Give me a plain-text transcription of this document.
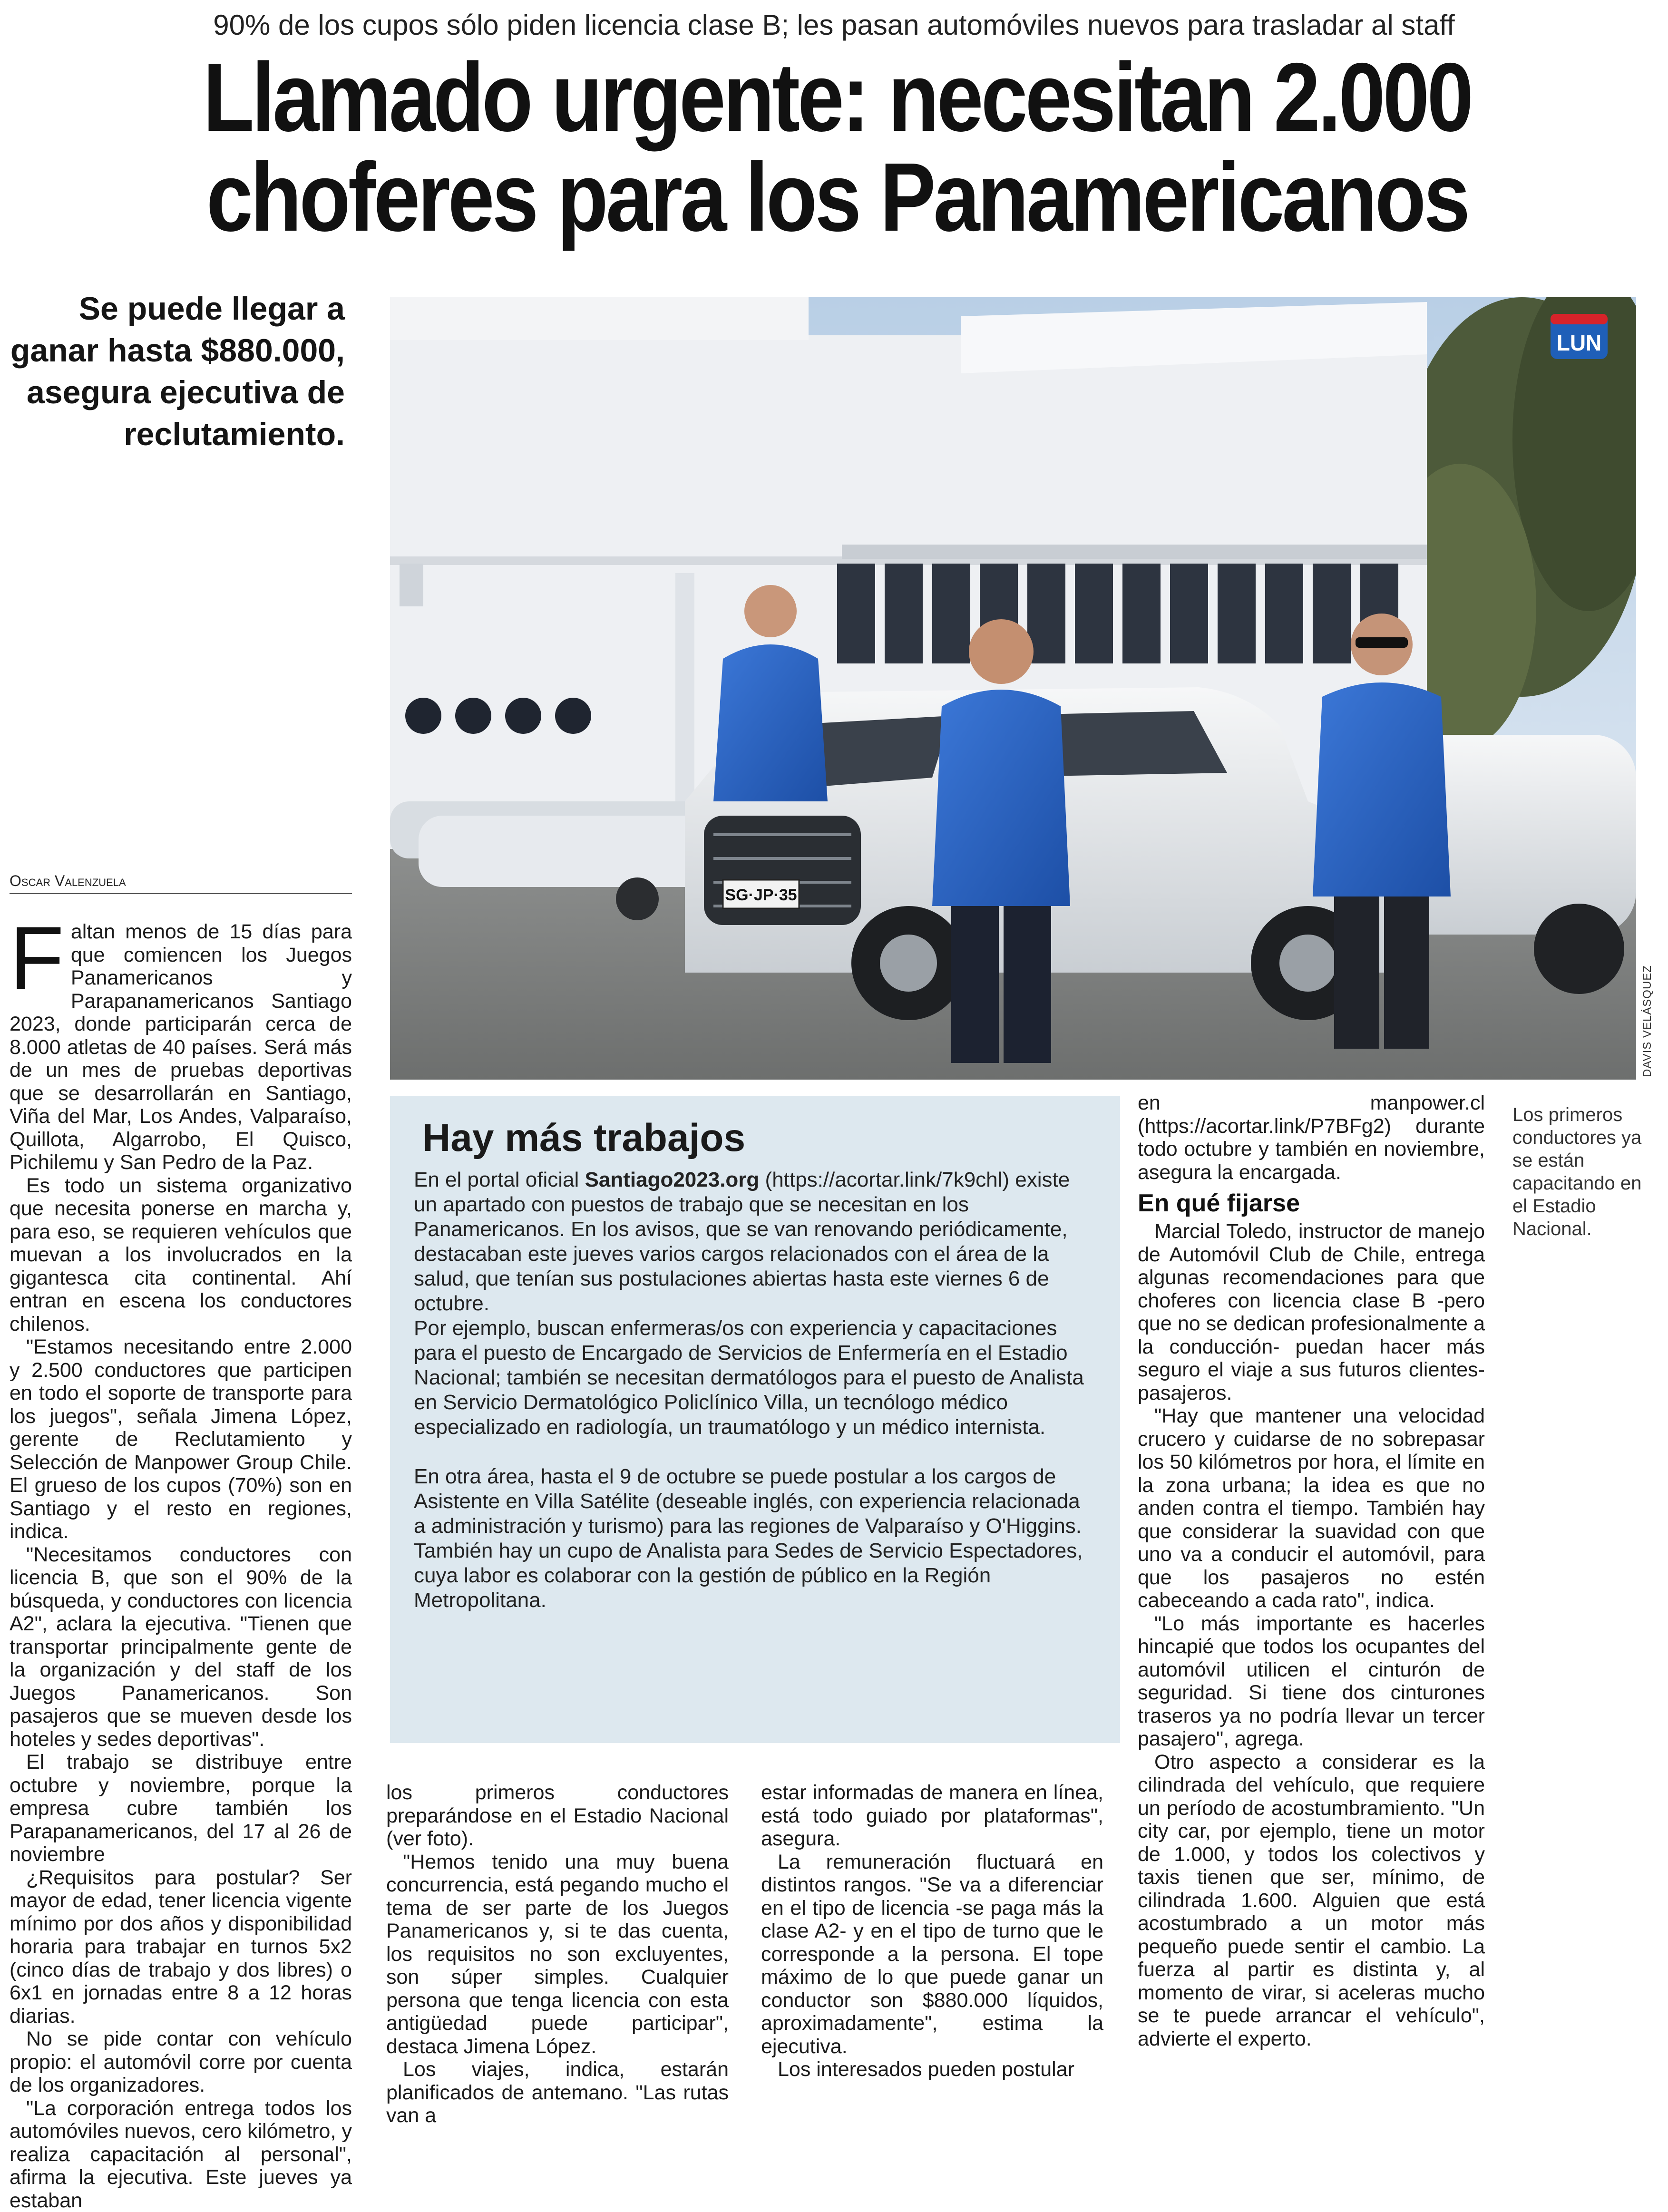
90% de los cupos sólo piden licencia clase B; les pasan automóviles nuevos para trasladar al staff
Llamado urgente: necesitan 2.000
choferes para los Panamericanos
Se puede llegar a
ganar hasta $880.000,
asegura ejecutiva de
reclutamiento.
SG·JP·35
LUN
DAVIS VELÁSQUEZ
Oscar Valenzuela

Faltan menos de 15 días para que comiencen los Juegos Panamericanos y Parapanamericanos Santiago 2023, donde participarán cerca de 8.000 atletas de 40 países. Será más de un mes de pruebas deportivas que se desarrollarán en Santiago, Viña del Mar, Los Andes, Valparaíso, Quillota, Algarrobo, El Quisco, Pichilemu y San Pedro de la Paz.

Es todo un sistema organizativo que necesita ponerse en marcha y, para eso, se requieren vehículos que muevan a los involucrados en la gigantesca cita continental. Ahí entran en escena los conductores chilenos.

"Estamos necesitando entre 2.000 y 2.500 conductores que participen en todo el soporte de transporte para los juegos", señala Jimena López, gerente de Reclutamiento y Selección de Manpower Group Chile. El grueso de los cupos (70%) son en Santiago y el resto en regiones, indica.

"Necesitamos conductores con licencia B, que son el 90% de la búsqueda, y conductores con licencia A2", aclara la ejecutiva. "Tienen que transportar principalmente gente de la organización y del staff de los Juegos Panamericanos. Son pasajeros que se mueven desde los hoteles y sedes deportivas".

El trabajo se distribuye entre octubre y noviembre, porque la empresa cubre también los Parapanamericanos, del 17 al 26 de noviembre

¿Requisitos para postular? Ser mayor de edad, tener licencia vigente mínimo por dos años y disponibilidad horaria para trabajar en turnos 5x2 (cinco días de trabajo y dos libres) o 6x1 en jornadas entre 8 a 12 horas diarias.

No se pide contar con vehículo propio: el automóvil corre por cuenta de los organizadores.

"La corporación entrega todos los automóviles nuevos, cero kilómetro, y realiza capacitación al personal", afirma la ejecutiva. Este jueves ya estaban

Hay más trabajos

En el portal oficial Santiago2023.org (https://acortar.link/7k9chl) existe un apartado con puestos de trabajo que se necesitan en los Panamericanos. En los avisos, que se van renovando periódicamente, destacaban este jueves varios cargos relacionados con el área de la salud, que tenían sus postulaciones abiertas hasta este viernes 6 de octubre.

Por ejemplo, buscan enfermeras/os con experiencia y capacitaciones para el puesto de Encargado de Servicios de Enfermería en el Estadio Nacional; también se necesitan dermatólogos para el puesto de Analista en Servicio Dermatológico Policlínico Villa, un tecnólogo médico especializado en radiología, un traumatólogo y un médico internista.

En otra área, hasta el 9 de octubre se puede postular a los cargos de Asistente en Villa Satélite (deseable inglés, con experiencia relacionada a administración y turismo) para las regiones de Valparaíso y O'Higgins. También hay un cupo de Analista para Sedes de Servicio Espectadores, cuya labor es colaborar con la gestión de público en la Región Metropolitana.

los primeros conductores preparándose en el Estadio Nacional (ver foto).

"Hemos tenido una muy buena concurrencia, está pegando mucho el tema de ser parte de los Juegos Panamericanos y, si te das cuenta, los requisitos no son excluyentes, son súper simples. Cualquier persona que tenga licencia con esta antigüedad puede participar", destaca Jimena López.

Los viajes, indica, estarán planificados de antemano. "Las rutas van a

estar informadas de manera en línea, está todo guiado por plataformas", asegura.

La remuneración fluctuará en distintos rangos. "Se va a diferenciar en el tipo de licencia -se paga más la clase A2- y en el tipo de turno que le corresponde a la persona. El tope máximo de lo que puede ganar un conductor son $880.000 líquidos, aproximadamente", estima la ejecutiva.

Los interesados pueden postular

en manpower.cl (https://acortar.link/P7BFg2) durante todo octubre y también en noviembre, asegura la encargada.

En qué fijarse

Marcial Toledo, instructor de manejo de Automóvil Club de Chile, entrega algunas recomendaciones para que choferes con licencia clase B -pero que no se dedican profesionalmente a la conducción- puedan hacer más seguro el viaje a sus futuros clientes-pasajeros.

"Hay que mantener una velocidad crucero y cuidarse de no sobrepasar los 50 kilómetros por hora, el límite en la zona urbana; la idea es que no anden contra el tiempo. También hay que considerar la suavidad con que uno va a conducir el automóvil, para que los pasajeros no estén cabeceando a cada rato", indica.

"Lo más importante es hacerles hincapié que todos los ocupantes del automóvil utilicen el cinturón de seguridad. Si tiene dos cinturones traseros ya no podría llevar un tercer pasajero", agrega.

Otro aspecto a considerar es la cilindrada del vehículo, que requiere un período de acostumbramiento. "Un city car, por ejemplo, tiene un motor de 1.000, y todos los colectivos y taxis tienen que ser, mínimo, de cilindrada 1.600. Alguien que está acostumbrado a un motor más pequeño puede sentir el cambio. La fuerza al partir es distinta y, al momento de virar, si aceleras mucho se te puede arrancar el vehículo", advierte el experto.

Los primeros conductores ya se están capacitando en el Estadio Nacional.
